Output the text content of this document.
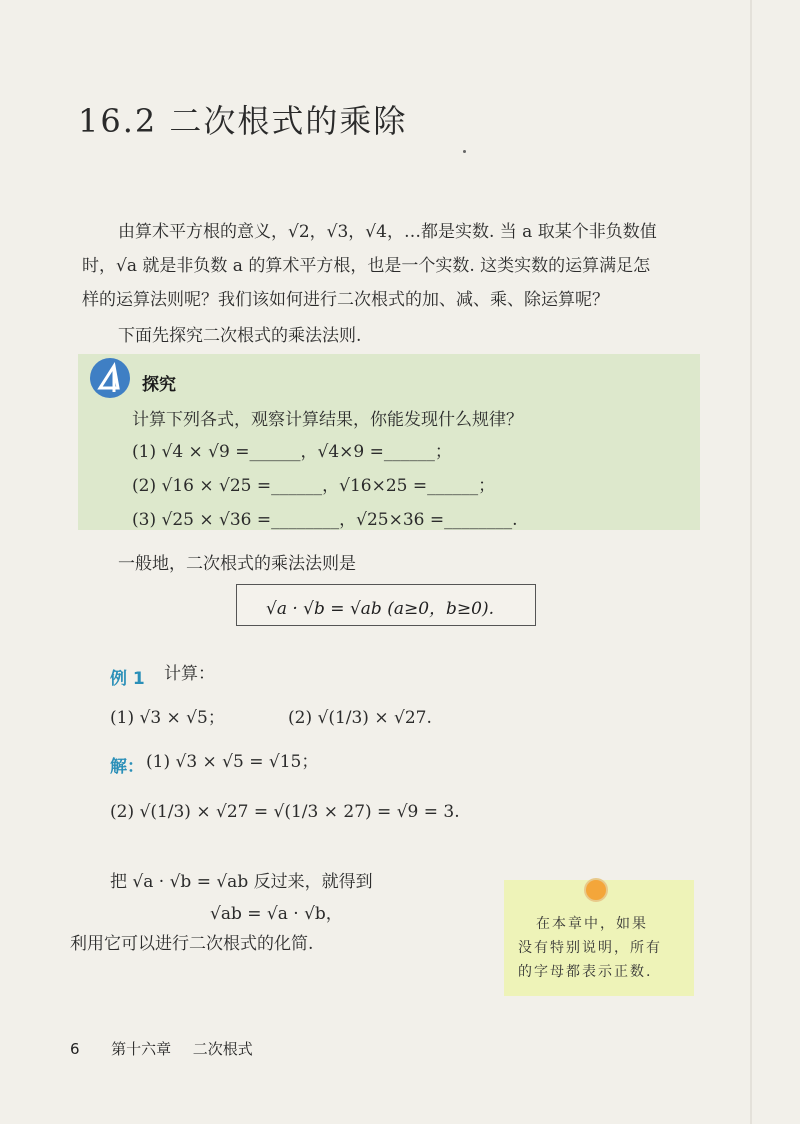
16.2 二次根式的乘除
由算术平方根的意义，√2，√3，√4，…都是实数. 当 a 取某个非负数值
时，√a 就是非负数 a 的算术平方根，也是一个实数. 这类实数的运算满足怎
样的运算法则呢？我们该如何进行二次根式的加、减、乘、除运算呢？
下面先探究二次根式的乘法法则.
探究
计算下列各式，观察计算结果，你能发现什么规律？
(1) √4 × √9 =______，√4×9 =______；
(2) √16 × √25 =______，√16×25 =______；
(3) √25 × √36 =________，√25×36 =________.
一般地，二次根式的乘法法则是
√a · √b = √ab (a≥0，b≥0).
例 1 计算：
(1) √3 × √5；	(2) √(1/3) × √27.
解： (1) √3 × √5 = √15；
(2) √(1/3) × √27 = √(1/3 × 27) = √9 = 3.
把 √a · √b = √ab 反过来，就得到
√ab = √a · √b，
利用它可以进行二次根式的化简.
在本章中，如果
没有特别说明，所有
的字母都表示正数.
6 第十六章 二次根式
